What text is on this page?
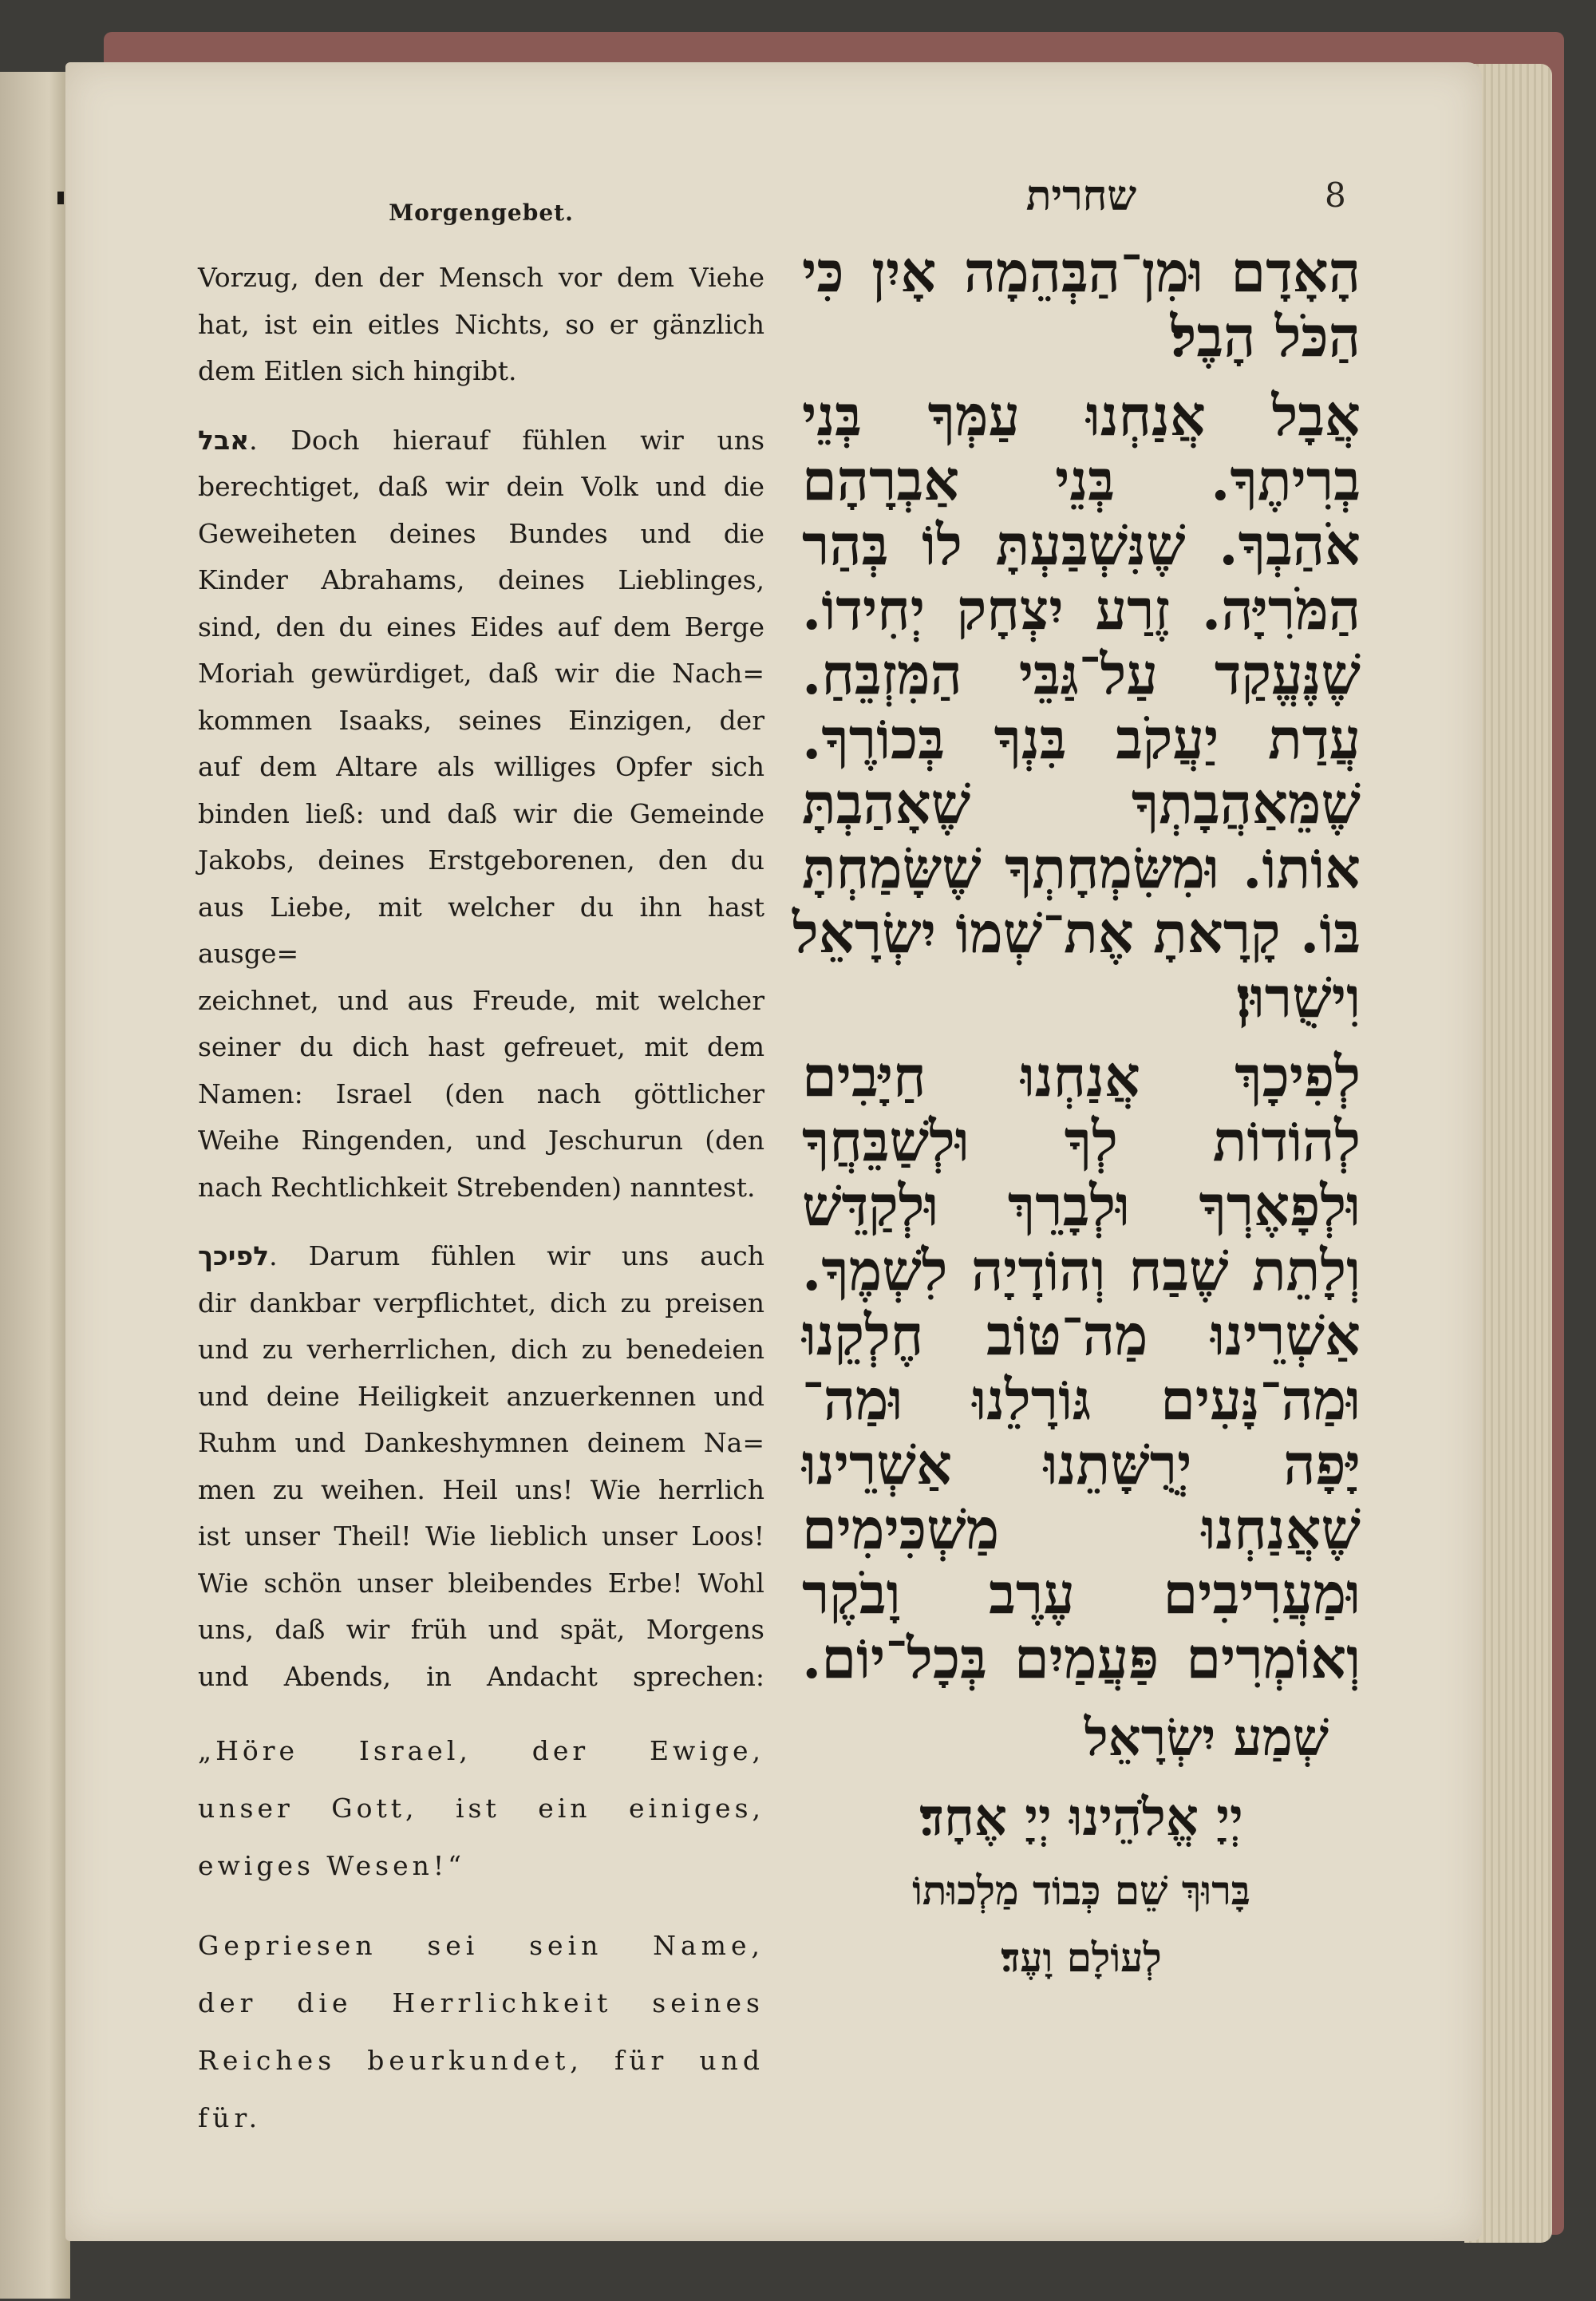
8
Morgengebet.

Vorzug, den der Mensch vor dem Viehe

hat, ist ein eitles Nichts, so er gänzlich

dem Eitlen sich hingibt.

אבל. Doch hierauf fühlen wir uns

berechtiget, daß wir dein Volk und die

Geweiheten deines Bundes und die

Kinder Abrahams, deines Lieblinges,

sind, den du eines Eides auf dem Berge

Moriah gewürdiget, daß wir die Nach=

kommen Isaaks, seines Einzigen, der

auf dem Altare als williges Opfer sich

binden ließ: und daß wir die Gemeinde

Jakobs, deines Erstgeborenen, den du

aus Liebe, mit welcher du ihn hast ausge=

zeichnet, und aus Freude, mit welcher

seiner du dich hast gefreuet, mit dem

Namen: Israel (den nach göttlicher

Weihe Ringenden, und Jeschurun (den

nach Rechtlichkeit Strebenden) nanntest.

לפיכך. Darum fühlen wir uns auch

dir dankbar verpflichtet, dich zu preisen

und zu verherrlichen, dich zu benedeien

und deine Heiligkeit anzuerkennen und

Ruhm und Dankeshymnen deinem Na=

men zu weihen. Heil uns! Wie herrlich

ist unser Theil! Wie lieblich unser Loos!

Wie schön unser bleibendes Erbe! Wohl

uns, daß wir früh und spät, Morgens

und Abends, in Andacht sprechen:

„Höre Israel, der Ewige,

unser Gott, ist ein einiges,

ewiges Wesen!“

Gepriesen sei sein Name,

der die Herrlichkeit seines

Reiches beurkundet, für und

für.

שחרית
הָאָדָם וּמִן־הַבְּהֵמָה אָיִן כִּי
הַכֹּל הָבֶל׃
אֲבָל אֲנַחְנוּ עַמְּךָ בְּנֵי
בְרִיתֶךָ. בְּנֵי אַבְרָהָם
אֹהַבְךָ. שֶׁנִּשְׁבַּעְתָּ לוֹ בְּהַר
הַמֹּרִיָּה. זֶרַע יִצְחָק יְחִידוֹ.
שֶׁנֶּעֱקַד עַל־גַּבֵּי הַמִּזְבֵּחַ.
עֲדַת יַעֲקֹב בִּנְךָ בְּכוֹרֶךָ.
שֶׁמֵּאַהֲבָתְךָ שֶׁאָהַבְתָּ
אוֹתוֹ. וּמִשִּׂמְחָתְךָ שֶׁשָּׂמַחְתָּ
בּוֹ. קָרָאתָ אֶת־שְׁמוֹ יִשְׂרָאֵל
וִישֻׁרוּן׃
לְפִיכָךְ אֲנַחְנוּ חַיָּבִים
לְהוֹדוֹת לְךָ וּלְשַׁבֵּחֲךָ
וּלְפָאֶרְךָ וּלְבָרֵךְ וּלְקַדֵּשׁ
וְלָתֵת שֶׁבַח וְהוֹדָיָה לִשְׁמֶךָ.
אַשְׁרֵינוּ מַה־טּוֹב חֶלְקֵנוּ
וּמַה־נָּעִים גּוֹרָלֵנוּ וּמַה־
יָּפָה יְרֻשָּׁתֵנוּ אַשְׁרֵינוּ
שֶׁאֲנַחְנוּ מַשְׁכִּימִים
וּמַעֲרִיבִים עֶרֶב וָבֹקֶר
וְאוֹמְרִים פַּעֲמַיִם בְּכָל־יוֹם.
שְׁמַע יִשְׂרָאֵל
יְיָ אֱלֹהֵינוּ יְיָ אֶחָד׃
בָּרוּךְ שֵׁם כְּבוֹד מַלְכוּתוֹ
לְעוֹלָם וָעֶד׃
